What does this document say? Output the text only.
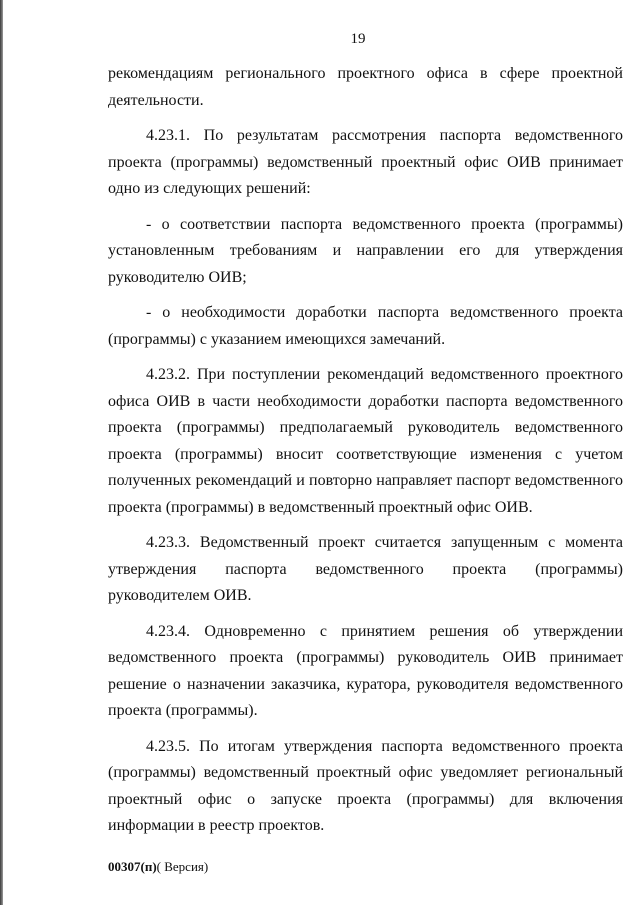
19

рекомендациям регионального проектного офиса в сфере проектной деятельности.

4.23.1. По результатам рассмотрения паспорта ведомственного проекта (программы) ведомственный проектный офис ОИВ принимает одно из следующих решений:

- о соответствии паспорта ведомственного проекта (программы) установленным требованиям и направлении его для утверждения руководителю ОИВ;

- о необходимости доработки паспорта ведомственного проекта (программы) с указанием имеющихся замечаний.

4.23.2. При поступлении рекомендаций ведомственного проектного офиса ОИВ в части необходимости доработки паспорта ведомственного проекта (программы) предполагаемый руководитель ведомственного проекта (программы) вносит соответствующие изменения с учетом полученных рекомендаций и повторно направляет паспорт ведомственного проекта (программы) в ведомственный проектный офис ОИВ.

4.23.3. Ведомственный проект считается запущенным с момента утверждения паспорта ведомственного проекта (программы) руководителем ОИВ.

4.23.4. Одновременно с принятием решения об утверждении ведомственного проекта (программы) руководитель ОИВ принимает решение о назначении заказчика, куратора, руководителя ведомственного проекта (программы).

4.23.5. По итогам утверждения паспорта ведомственного проекта (программы) ведомственный проектный офис уведомляет региональный проектный офис о запуске проекта (программы) для включения информации в реестр проектов.

00307(п)( Версия)
